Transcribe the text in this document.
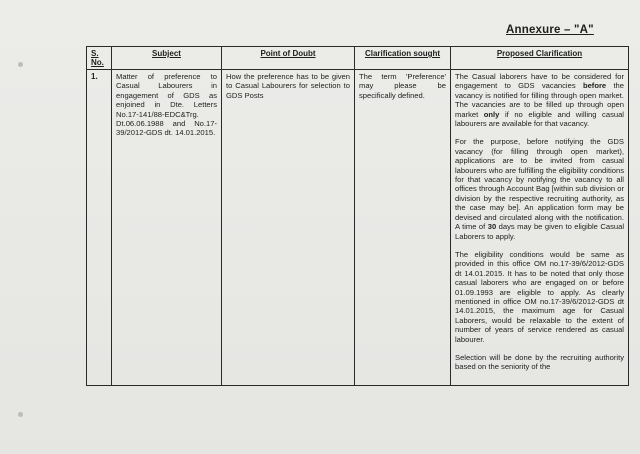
Annexure – "A"
S. No.	Subject	Point of Doubt	Clarification sought	Proposed Clarification
1.	Matter of preference to Casual Labourers in engagement of GDS as enjoined in Dte. Letters No.17-141/88-EDC&Trg. Dt.06.06.1988 and No.17-39/2012-GDS dt. 14.01.2015.	How the preference has to be given to Casual Labourers for selection to GDS Posts	The term 'Preference' may please be specifically defined.	The Casual laborers have to be considered for engagement to GDS vacancies before the vacancy is notified for filling through open market. The vacancies are to be filled up through open market only if no eligible and willing casual labourers are available for that vacancy.

For the purpose, before notifying the GDS vacancy (for filling through open market), applications are to be invited from casual labourers who are fulfilling the eligibility conditions for that vacancy by notifying the vacancy to all offices through Account Bag [within sub division or division by the respective recruiting authority, as the case may be]. An application form may be devised and circulated along with the notification. A time of 30 days may be given to eligible Casual Laborers to apply.

The eligibility conditions would be same as provided in this office OM no.17-39/6/2012-GDS dt 14.01.2015. It has to be noted that only those casual laborers who are engaged on or before 01.09.1993 are eligible to apply. As clearly mentioned in office OM no.17-39/6/2012-GDS dt 14.01.2015, the maximum age for Casual Laborers, would be relaxable to the extent of number of years of service rendered as casual labourer.

Selection will be done by the recruiting authority based on the seniority of the
